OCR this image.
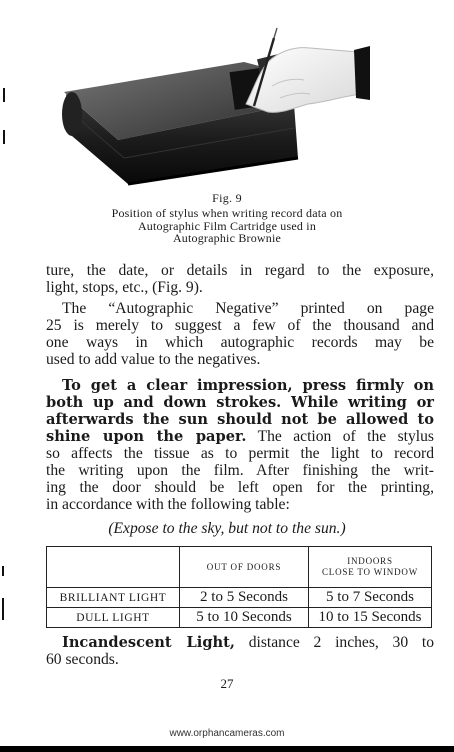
Fig. 9
Position of stylus when writing record data on
Autographic Film Cartridge used in
Autographic Brownie
ture, the date, or details in regard to the exposure,
light, stops, etc., (Fig. 9).
The “Autographic Negative” printed on page
25 is merely to suggest a few of the thousand and
one ways in which autographic records may be
used to add value to the negatives.
To get a clear impression, press firmly on
both up and down strokes. While writing or
afterwards the sun should not be allowed to
shine upon the paper. The action of the stylus
so affects the tissue as to permit the light to record
the writing upon the film. After finishing the writ-
ing the door should be left open for the printing,
in accordance with the following table:
(Expose to the sky, but not to the sun.)
	OUT OF DOORS	INDOORS
CLOSE TO WINDOW
BRILLIANT LIGHT	2 to 5 Seconds	5 to 7 Seconds
DULL LIGHT	5 to 10 Seconds	10 to 15 Seconds
Incandescent Light, distance 2 inches, 30 to
60 seconds.
27
www.orphancameras.com
